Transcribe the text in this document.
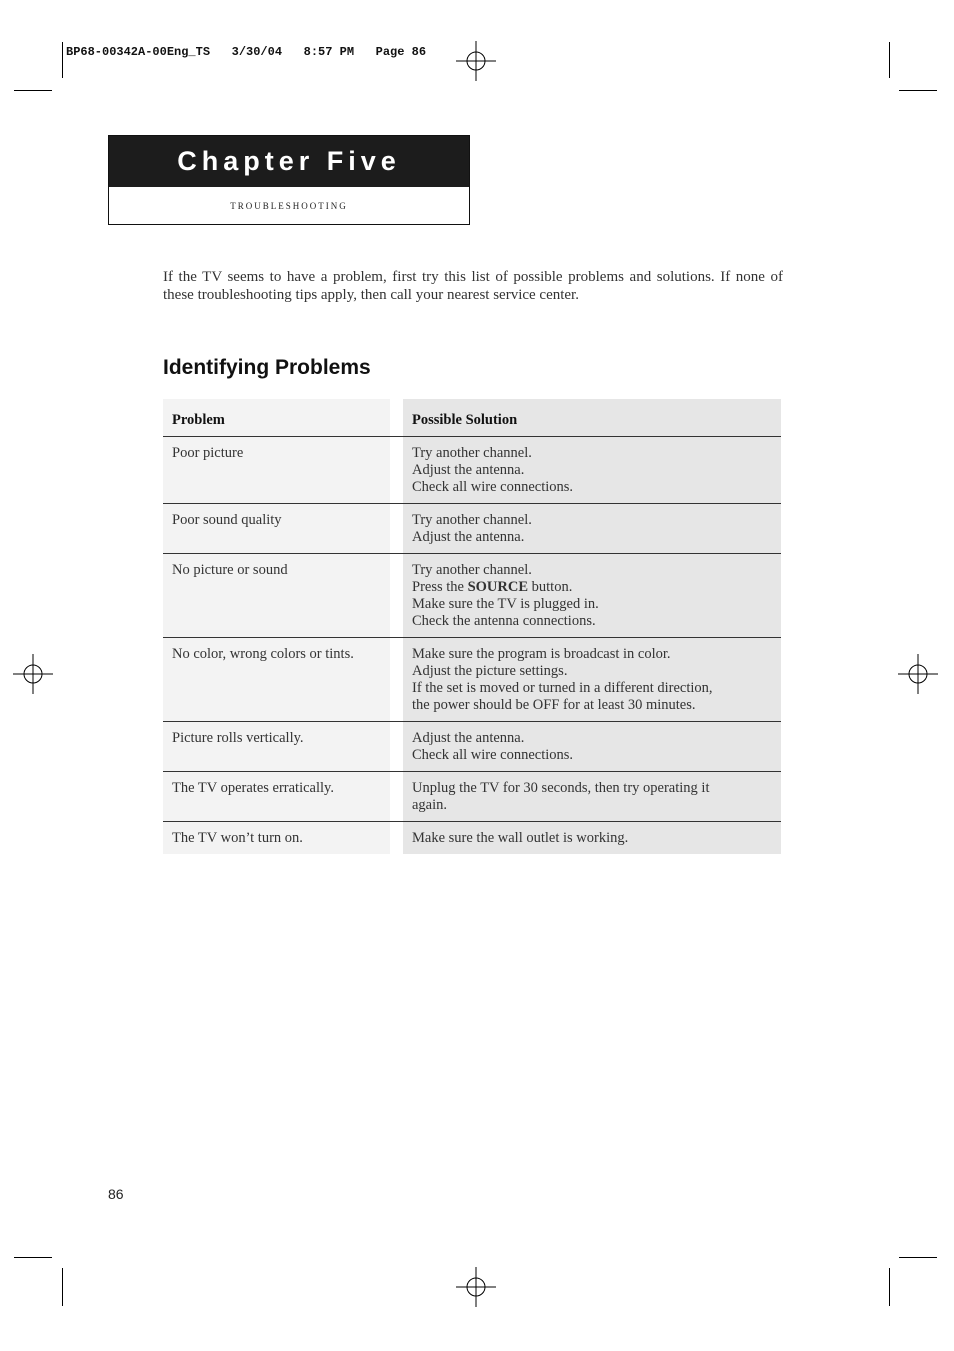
BP68-00342A-00Eng_TS   3/30/04   8:57 PM   Page 86
Chapter Five
troubleshooting
If the TV seems to have a problem, first try this list of possible problems and solutions. If none of these troubleshooting tips apply, then call your nearest service center.
Identifying Problems
Problem	Possible Solution
Poor picture	Try another channel.
Adjust the antenna.
Check all wire connections.
Poor sound quality	Try another channel.
Adjust the antenna.
No picture or sound	Try another channel.
Press the SOURCE button.
Make sure the TV is plugged in.
Check the antenna connections.
No color, wrong colors or tints.	Make sure the program is broadcast in color.
Adjust the picture settings.
If the set is moved or turned in a different direction,
the power should be OFF for at least 30 minutes.
Picture rolls vertically.	Adjust the antenna.
Check all wire connections.
The TV operates erratically.	Unplug the TV for 30 seconds, then try operating it
again.
The TV won’t turn on.	Make sure the wall outlet is working.
86
